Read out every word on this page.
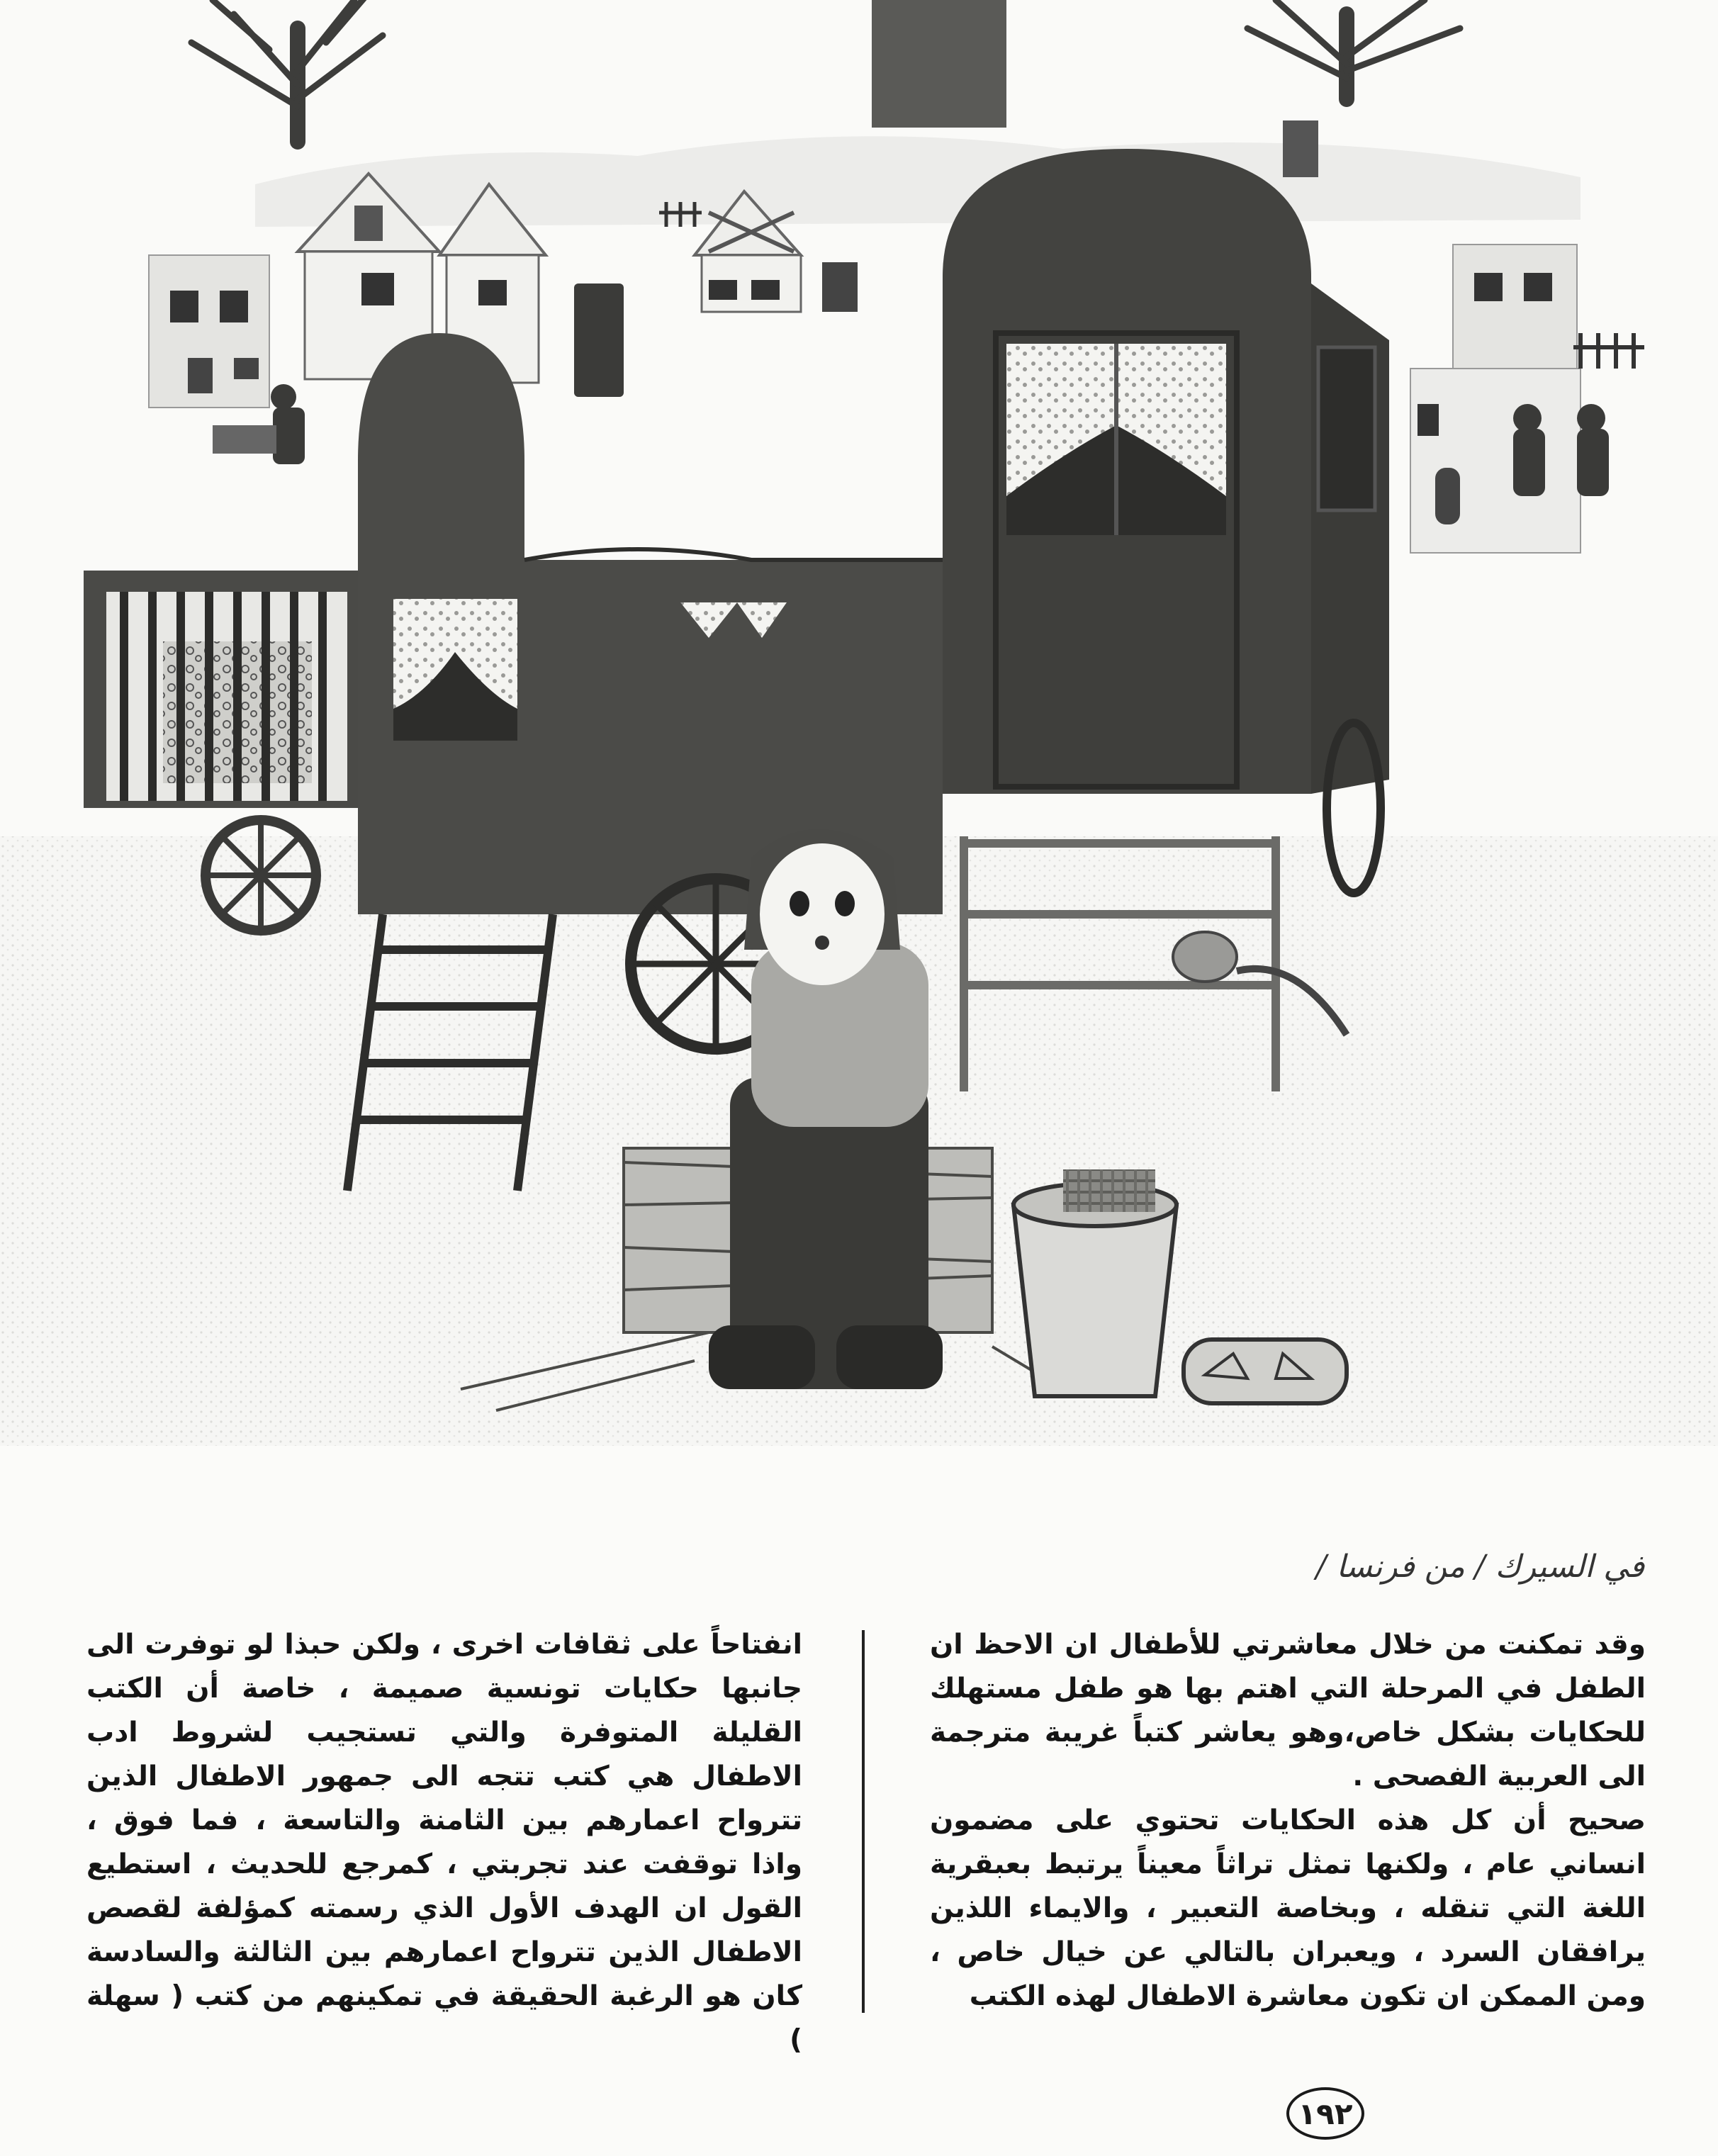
في السيرك / من فرنسا /

وقد تمكنت من خلال معاشرتي للأطفال ان الاحظ ان الطفل في المرحلة التي اهتم بها هو طفل مستهلك للحكايات بشكل خاص،وهو يعاشر كتباً غريبة مترجمة الى العربية الفصحى .

صحيح أن كل هذه الحكايات تحتوي على مضمون انساني عام ، ولكنها تمثل تراثاً معيناً يرتبط بعبقرية اللغة التي تنقله ، وبخاصة التعبير ، والايماء اللذين يرافقان السرد ، ويعبران بالتالي عن خيال خاص ، ومن الممكن ان تكون معاشرة الاطفال لهذه الكتب

انفتاحاً على ثقافات اخرى ، ولكن حبذا لو توفرت الى جانبها حكايات تونسية صميمة ، خاصة أن الكتب القليلة المتوفرة والتي تستجيب لشروط ادب الاطفال هي كتب تتجه الى جمهور الاطفال الذين تترواح اعمارهم بين الثامنة والتاسعة ، فما فوق ، واذا توقفت عند تجربتي ، كمرجع للحديث ، استطيع القول ان الهدف الأول الذي رسمته كمؤلفة لقصص الاطفال الذين تترواح اعمارهم بين الثالثة والسادسة كان هو الرغبة الحقيقة في تمكينهم من كتب ( سهلة )

١٩٢
